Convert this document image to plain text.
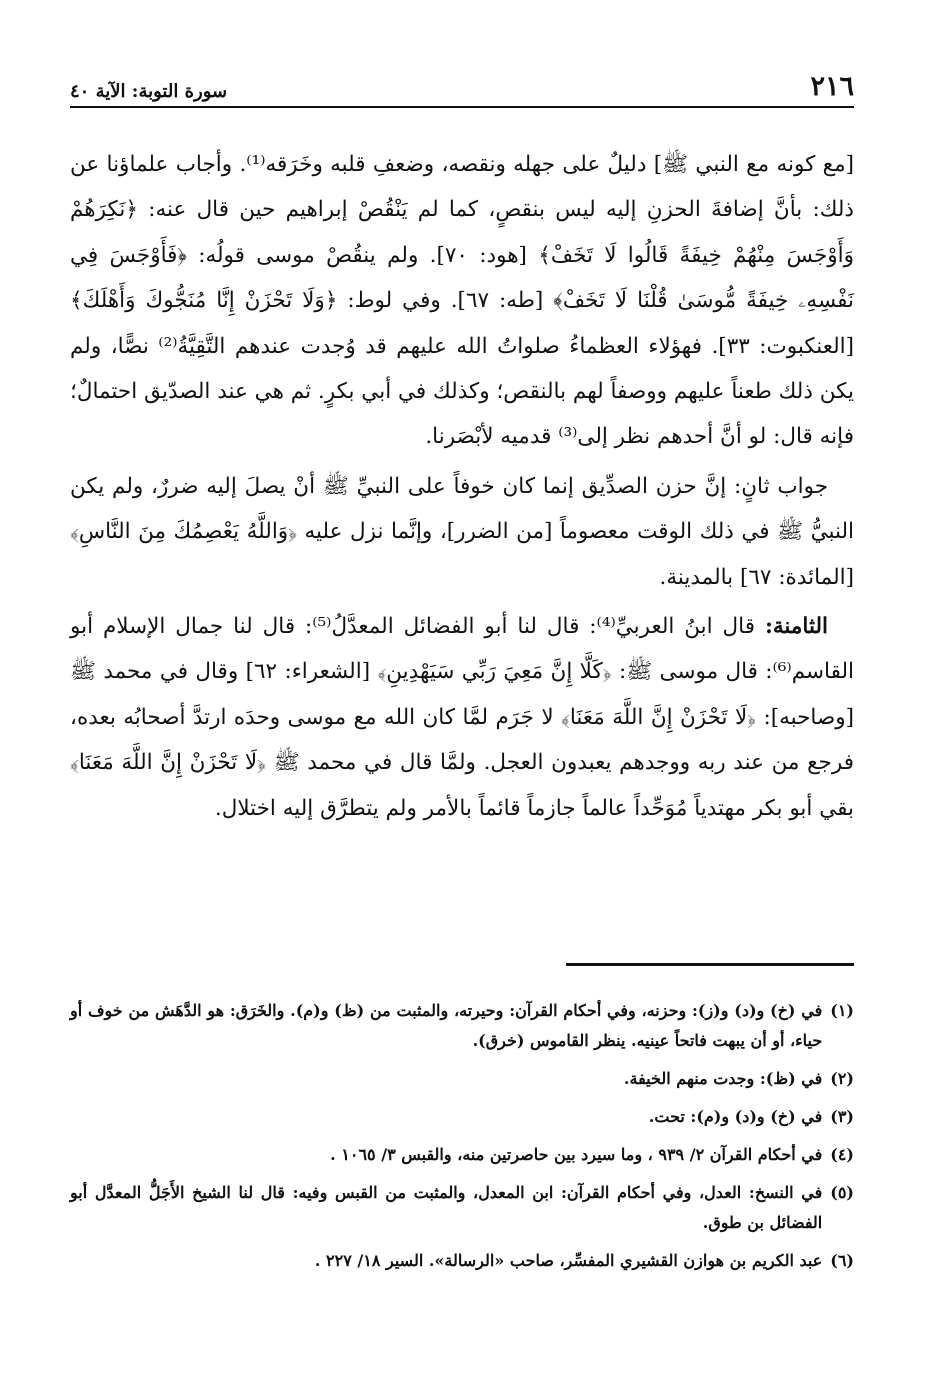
٢١٦
سورة التوبة: الآية ٤٠

[مع كونه مع النبي ﷺ] دليلٌ على جهله ونقصه، وضعفِ قلبه وخَرَقه⁽¹⁾. وأجاب علماؤنا عن ذلك: بأنَّ إضافةَ الحزنِ إليه ليس بنقصٍ، كما لم يَنْقُصْ إبراهيم حين قال عنه: ﴿نَكِرَهُمْ وَأَوْجَسَ مِنْهُمْ خِيفَةً قَالُوا لَا تَخَفْ﴾ [هود: ٧٠]. ولم ينقُصْ موسى قولُه: ﴿فَأَوْجَسَ فِي نَفْسِهِۦ خِيفَةً مُّوسَىٰ قُلْنَا لَا تَخَفْ﴾ [طه: ٦٧]. وفي لوط: ﴿وَلَا تَحْزَنْ إِنَّا مُنَجُّوكَ وَأَهْلَكَ﴾ [العنكبوت: ٣٣]. فهؤلاء العظماءُ صلواتُ الله عليهم قد وُجدت عندهم التَّقِيَّةُ⁽²⁾ نصًّا، ولم يكن ذلك طعناً عليهم ووصفاً لهم بالنقص؛ وكذلك في أبي بكرٍ. ثم هي عند الصدّيق احتمالٌ؛ فإنه قال: لو أنَّ أحدهم نظر إلى⁽³⁾ قدميه لأبْصَرنا.

جواب ثانٍ: إنَّ حزن الصدِّيق إنما كان خوفاً على النبيِّ ﷺ أنْ يصلَ إليه ضررٌ، ولم يكن النبيُّ ﷺ في ذلك الوقت معصوماً [من الضرر]، وإنَّما نزل عليه ﴿وَاللَّهُ يَعْصِمُكَ مِنَ النَّاسِ﴾ [المائدة: ٦٧] بالمدينة.

الثامنة: قال ابنُ العربيِّ⁽⁴⁾: قال لنا أبو الفضائل المعدَّلُ⁽⁵⁾: قال لنا جمال الإسلام أبو القاسم⁽⁶⁾: قال موسى ﷺ: ﴿كَلَّا إِنَّ مَعِيَ رَبِّي سَيَهْدِينِ﴾ [الشعراء: ٦٢] وقال في محمد ﷺ [وصاحبه]: ﴿لَا تَحْزَنْ إِنَّ اللَّهَ مَعَنَا﴾ لا جَرَم لمَّا كان الله مع موسى وحدَه ارتدَّ أصحابُه بعده، فرجع من عند ربه ووجدهم يعبدون العجل. ولمَّا قال في محمد ﷺ ﴿لَا تَحْزَنْ إِنَّ اللَّهَ مَعَنَا﴾ بقي أبو بكر مهتدياً مُوَحِّداً عالماً جازماً قائماً بالأمر ولم يتطرَّق إليه اختلال.

(١)
في (خ) و(د) و(ز): وحزنه، وفي أحكام القرآن: وحيرته، والمثبت من (ظ) و(م). والخَرَق: هو الدَّهَش من خوف أو حياء، أو أن يبهت فاتحاً عينيه. ينظر القاموس (خرق).
(٢)
في (ظ): وجدت منهم الخيفة.
(٣)
في (خ) و(د) و(م): تحت.
(٤)
في أحكام القرآن ٢/ ٩٣٩ ، وما سيرد بين حاصرتين منه، والقبس ٣/ ١٠٦٥ .
(٥)
في النسخ: العدل، وفي أحكام القرآن: ابن المعدل، والمثبت من القبس وفيه: قال لنا الشيخ الأَجَلُّ المعدَّل أبو الفضائل بن طوق.
(٦)
عبد الكريم بن هوازن القشيري المفسِّر، صاحب «الرسالة». السير ١٨/ ٢٢٧ .
